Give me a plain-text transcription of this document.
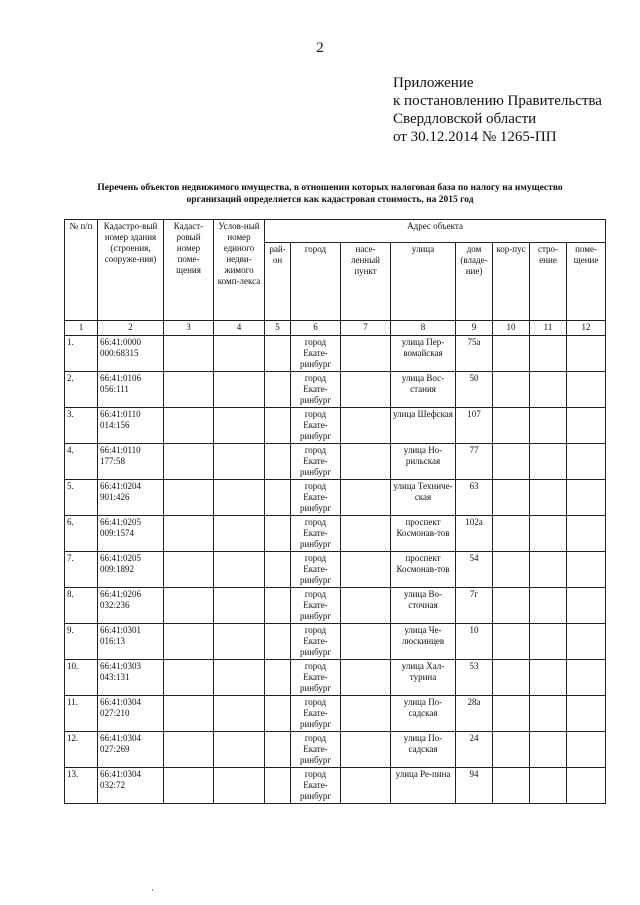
2
Приложение
к постановлению Правительства
Свердловской области
от 30.12.2014 № 1265-ПП
Перечень объектов недвижимого имущества, в отношении которых налоговая база по налогу на имущество
организаций определяется как кадастровая стоимость, на 2015 год
№ п/п	Кадастро-вый номер здания (строения, сооруже-ния)	Кадаст-ровый номер поме-щения	Услов-ный номер единого недви-жимого комп-лекса	Адрес объекта							
				рай-он	город	насе-ленный пункт	улица	дом (владе-ние)	кор-пус	стро-ение	поме-щение
1	2	3	4	5	6	7	8	9	10	11	12
1.	66:41:0000 000:68315				город Екате-ринбург		улица Пер-вомайская	75а			
2.	66:41:0106 056:111				город Екате-ринбург		улица Вос-стания	50			
3.	66:41:0110 014:156				город Екате-ринбург		улица Шефская	107			
4.	66:41:0110 177:58				город Екате-ринбург		улица Но-рильская	77			
5.	66:41:0204 901:426				город Екате-ринбург		улица Техниче-ская	63			
6.	66:41:0205 009:1574				город Екате-ринбург		проспект Космонав-тов	102а			
7.	66:41:0205 009:1892				город Екате-ринбург		проспект Космонав-тов	54			
8.	66:41:0206 032:236				город Екате-ринбург		улица Во-сточная	7г			
9.	66:41:0301 016:13				город Екате-ринбург		улица Че-люскинцев	10			
10.	66:41:0303 043:131				город Екате-ринбург		улица Хал-турина	53			
11.	66:41:0304 027:210				город Екате-ринбург		улица По-садская	28а			
12.	66:41:0304 027:269				город Екате-ринбург		улица По-садская	24			
13.	66:41:0304 032:72				город Екате-ринбург		улица Ре-пина	94			
·
